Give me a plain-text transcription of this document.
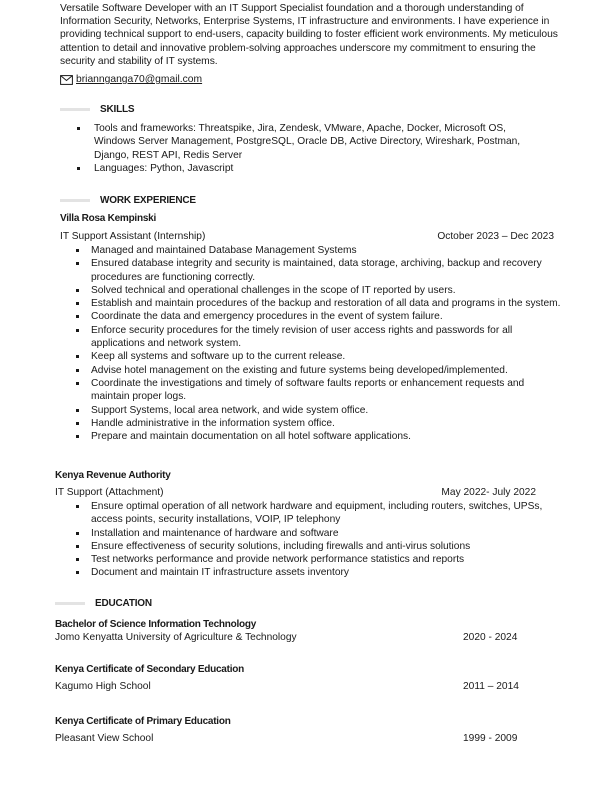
Versatile Software Developer with an IT Support Specialist foundation and a thorough understanding of Information Security, Networks, Enterprise Systems, IT infrastructure and environments. I have experience in providing technical support to end-users, capacity building to foster efficient work environments. My meticulous attention to detail and innovative problem-solving approaches underscore my commitment to ensuring the security and stability of IT systems.
briannganga70@gmail.com
SKILLS
Tools and frameworks: Threatspike, Jira, Zendesk, VMware, Apache, Docker, Microsoft OS, Windows Server Management, PostgreSQL, Oracle DB, Active Directory, Wireshark, Postman, Django, REST API, Redis Server
Languages: Python, Javascript
WORK EXPERIENCE
Villa Rosa Kempinski
IT Support Assistant (Internship)	October 2023 – Dec 2023
Managed and maintained Database Management Systems
Ensured database integrity and security is maintained, data storage, archiving, backup and recovery procedures are functioning correctly.
Solved technical and operational challenges in the scope of IT reported by users.
Establish and maintain procedures of the backup and restoration of all data and programs in the system.
Coordinate the data and emergency procedures in the event of system failure.
Enforce security procedures for the timely revision of user access rights and passwords for all applications and network system.
Keep all systems and software up to the current release.
Advise hotel management on the existing and future systems being developed/implemented.
Coordinate the investigations and timely of software faults reports or enhancement requests and maintain proper logs.
Support Systems, local area network, and wide system office.
Handle administrative in the information system office.
Prepare and maintain documentation on all hotel software applications.
Kenya Revenue Authority
IT Support (Attachment)	May 2022- July 2022
Ensure optimal operation of all network hardware and equipment, including routers, switches, UPSs, access points, security installations, VOIP, IP telephony
Installation and maintenance of hardware and software
Ensure effectiveness of security solutions, including firewalls and anti-virus solutions
Test networks performance and provide network performance statistics and reports
Document and maintain IT infrastructure assets inventory
EDUCATION
Bachelor of Science Information Technology
Jomo Kenyatta University of Agriculture & Technology	2020 - 2024
Kenya Certificate of Secondary Education
Kagumo High School	2011 – 2014
Kenya Certificate of Primary Education
Pleasant View School	1999 - 2009
